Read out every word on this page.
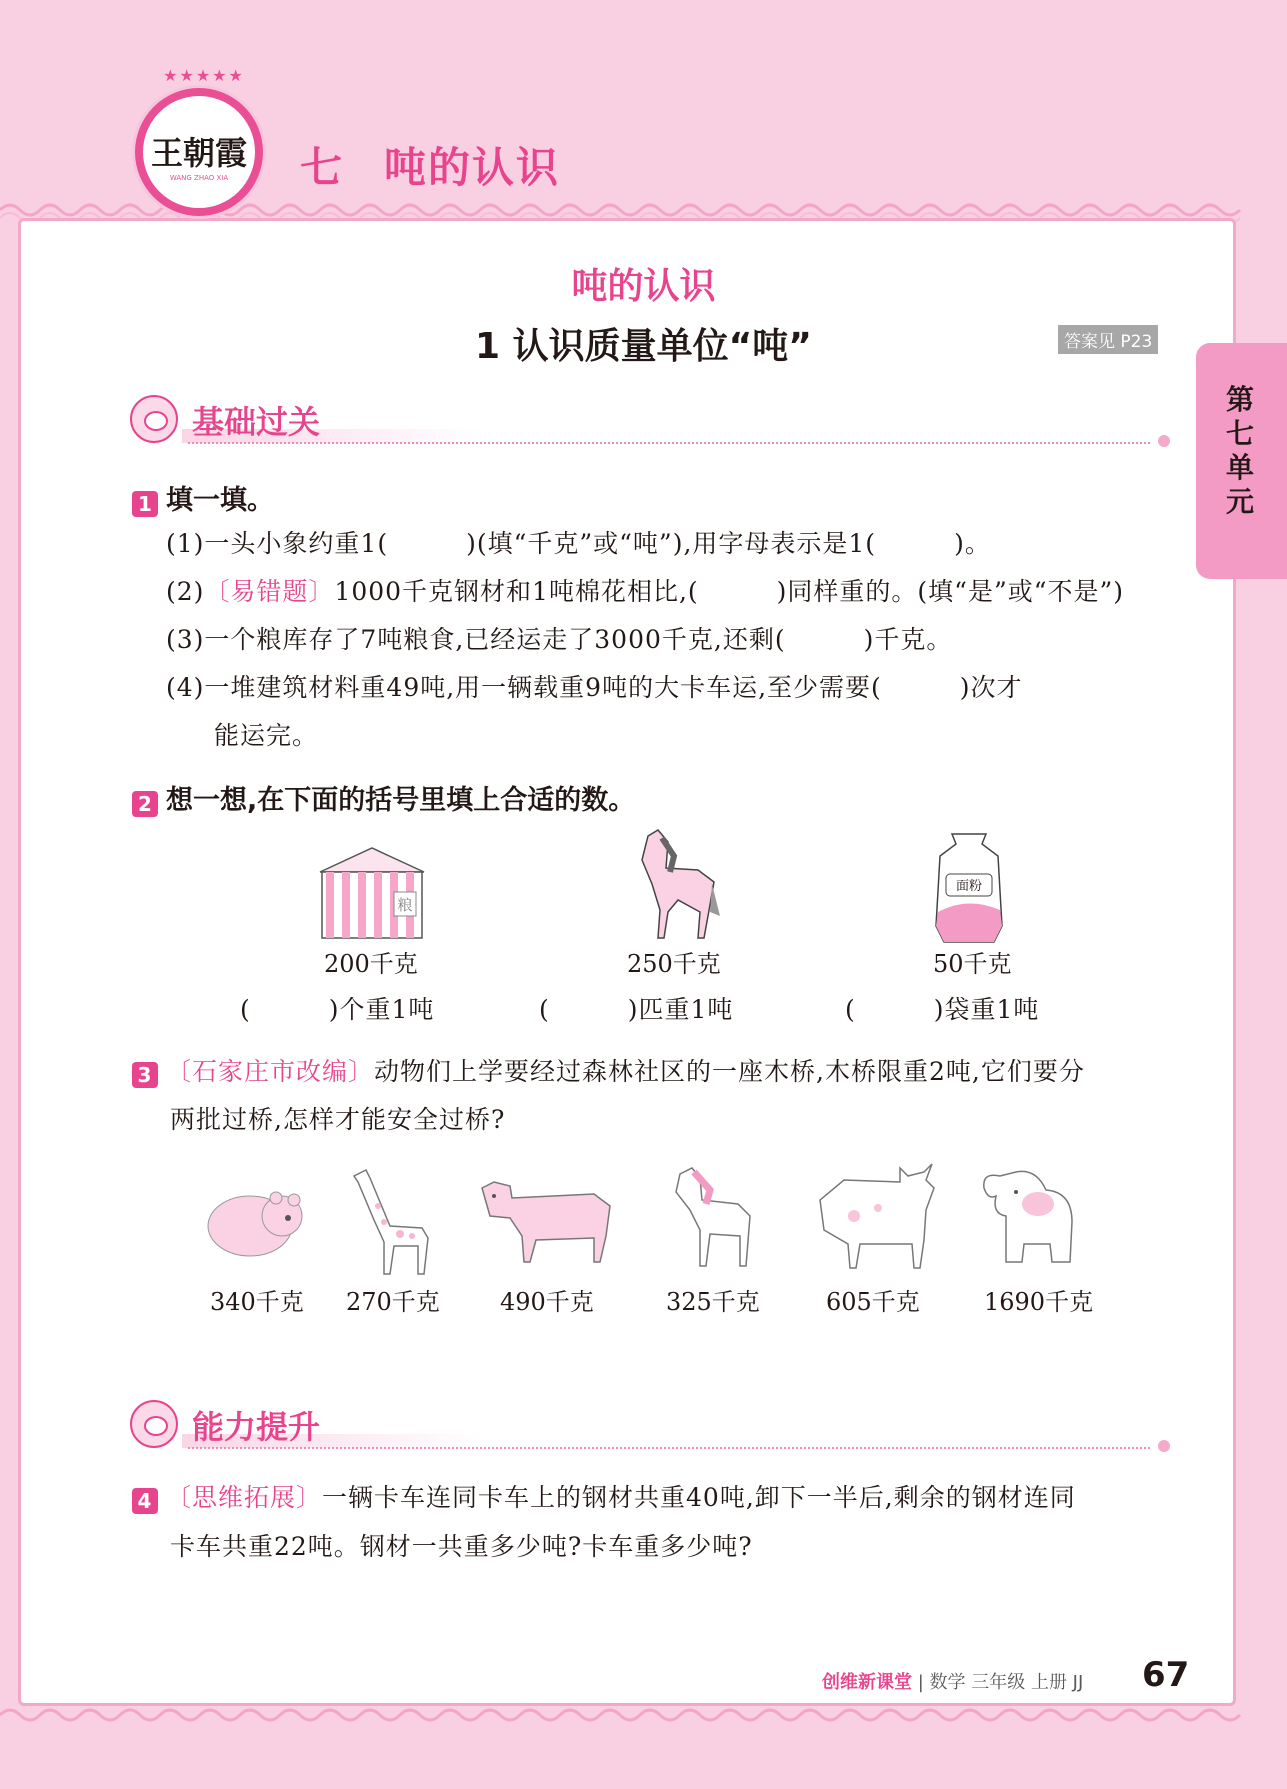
★★★★★
王朝霞
WANG ZHAO XIA	七 吨的认识
第七单元
吨的认识
1 认识质量单位“吨”	答案见 P23
基础过关
1 填一填。
(1)一头小象约重1(　　　)(填“千克”或“吨”),用字母表示是1(　　　)。
(2)〔易错题〕1000千克钢材和1吨棉花相比,(　　　)同样重的。(填“是”或“不是”)
(3)一个粮库存了7吨粮食,已经运走了3000千克,还剩(　　　)千克。
(4)一堆建筑材料重49吨,用一辆载重9吨的大卡车运,至少需要(　　　)次才
能运完。
2 想一想,在下面的括号里填上合适的数。
粮
面粉
200千克	250千克	50千克
(　　　)个重1吨	(　　　)匹重1吨	(　　　)袋重1吨
3 〔石家庄市改编〕动物们上学要经过森林社区的一座木桥,木桥限重2吨,它们要分
两批过桥,怎样才能安全过桥?
340千克 270千克	490千克	325千克	605千克	1690千克
能力提升
4 〔思维拓展〕一辆卡车连同卡车上的钢材共重40吨,卸下一半后,剩余的钢材连同
卡车共重22吨。钢材一共重多少吨?卡车重多少吨?
创维新课堂 | 数学 三年级 上册 JJ 67
